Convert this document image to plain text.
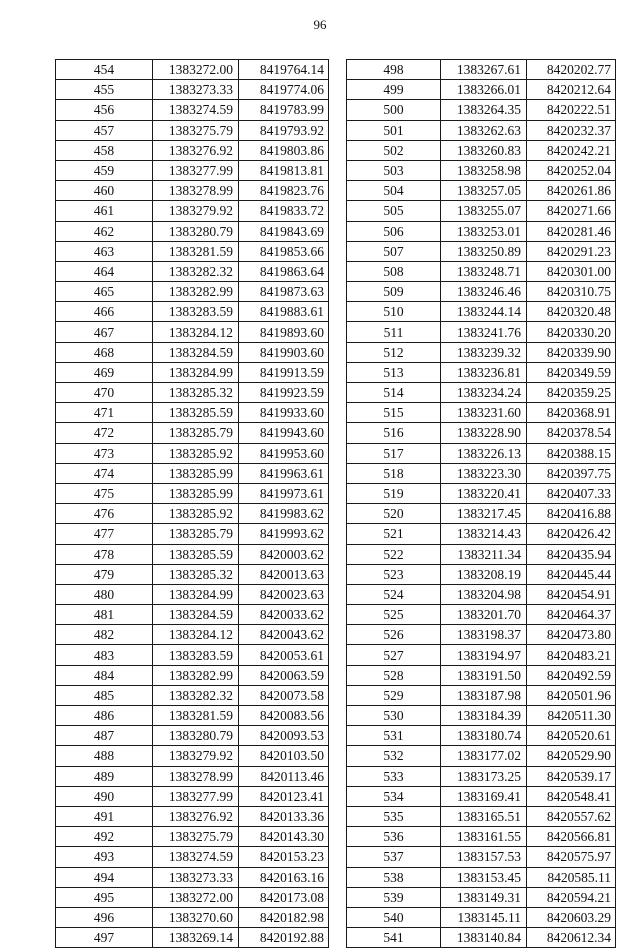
96
454	1383272.00	8419764.14
455	1383273.33	8419774.06
456	1383274.59	8419783.99
457	1383275.79	8419793.92
458	1383276.92	8419803.86
459	1383277.99	8419813.81
460	1383278.99	8419823.76
461	1383279.92	8419833.72
462	1383280.79	8419843.69
463	1383281.59	8419853.66
464	1383282.32	8419863.64
465	1383282.99	8419873.63
466	1383283.59	8419883.61
467	1383284.12	8419893.60
468	1383284.59	8419903.60
469	1383284.99	8419913.59
470	1383285.32	8419923.59
471	1383285.59	8419933.60
472	1383285.79	8419943.60
473	1383285.92	8419953.60
474	1383285.99	8419963.61
475	1383285.99	8419973.61
476	1383285.92	8419983.62
477	1383285.79	8419993.62
478	1383285.59	8420003.62
479	1383285.32	8420013.63
480	1383284.99	8420023.63
481	1383284.59	8420033.62
482	1383284.12	8420043.62
483	1383283.59	8420053.61
484	1383282.99	8420063.59
485	1383282.32	8420073.58
486	1383281.59	8420083.56
487	1383280.79	8420093.53
488	1383279.92	8420103.50
489	1383278.99	8420113.46
490	1383277.99	8420123.41
491	1383276.92	8420133.36
492	1383275.79	8420143.30
493	1383274.59	8420153.23
494	1383273.33	8420163.16
495	1383272.00	8420173.08
496	1383270.60	8420182.98
497	1383269.14	8420192.88
498	1383267.61	8420202.77
499	1383266.01	8420212.64
500	1383264.35	8420222.51
501	1383262.63	8420232.37
502	1383260.83	8420242.21
503	1383258.98	8420252.04
504	1383257.05	8420261.86
505	1383255.07	8420271.66
506	1383253.01	8420281.46
507	1383250.89	8420291.23
508	1383248.71	8420301.00
509	1383246.46	8420310.75
510	1383244.14	8420320.48
511	1383241.76	8420330.20
512	1383239.32	8420339.90
513	1383236.81	8420349.59
514	1383234.24	8420359.25
515	1383231.60	8420368.91
516	1383228.90	8420378.54
517	1383226.13	8420388.15
518	1383223.30	8420397.75
519	1383220.41	8420407.33
520	1383217.45	8420416.88
521	1383214.43	8420426.42
522	1383211.34	8420435.94
523	1383208.19	8420445.44
524	1383204.98	8420454.91
525	1383201.70	8420464.37
526	1383198.37	8420473.80
527	1383194.97	8420483.21
528	1383191.50	8420492.59
529	1383187.98	8420501.96
530	1383184.39	8420511.30
531	1383180.74	8420520.61
532	1383177.02	8420529.90
533	1383173.25	8420539.17
534	1383169.41	8420548.41
535	1383165.51	8420557.62
536	1383161.55	8420566.81
537	1383157.53	8420575.97
538	1383153.45	8420585.11
539	1383149.31	8420594.21
540	1383145.11	8420603.29
541	1383140.84	8420612.34
